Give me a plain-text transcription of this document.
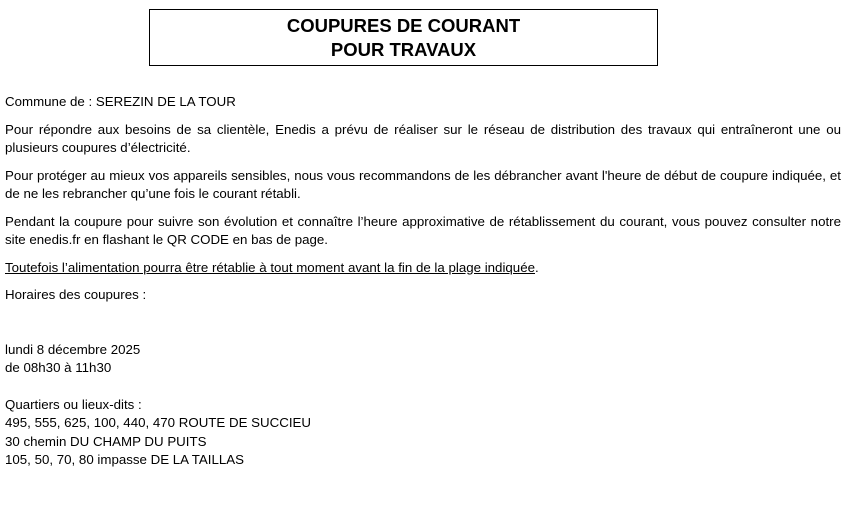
COUPURES DE COURANT
POUR TRAVAUX

Commune de : SEREZIN DE LA TOUR

Pour répondre aux besoins de sa clientèle, Enedis a prévu de réaliser sur le réseau de distribution des travaux qui entraîneront une ou plusieurs coupures d’électricité.

Pour protéger au mieux vos appareils sensibles, nous vous recommandons de les débrancher avant l'heure de début de coupure indiquée, et de ne les rebrancher qu’une fois le courant rétabli.

Pendant la coupure pour suivre son évolution et connaître l’heure approximative de rétablissement du courant, vous pouvez consulter notre site enedis.fr en flashant le QR CODE en bas de page.

Toutefois l’alimentation pourra être rétablie à tout moment avant la fin de la plage indiquée.

Horaires des coupures :

lundi 8 décembre 2025

de 08h30 à 11h30

Quartiers ou lieux-dits :

495, 555, 625, 100, 440, 470 ROUTE DE SUCCIEU

30 chemin DU CHAMP DU PUITS

105, 50, 70, 80 impasse DE LA TAILLAS
